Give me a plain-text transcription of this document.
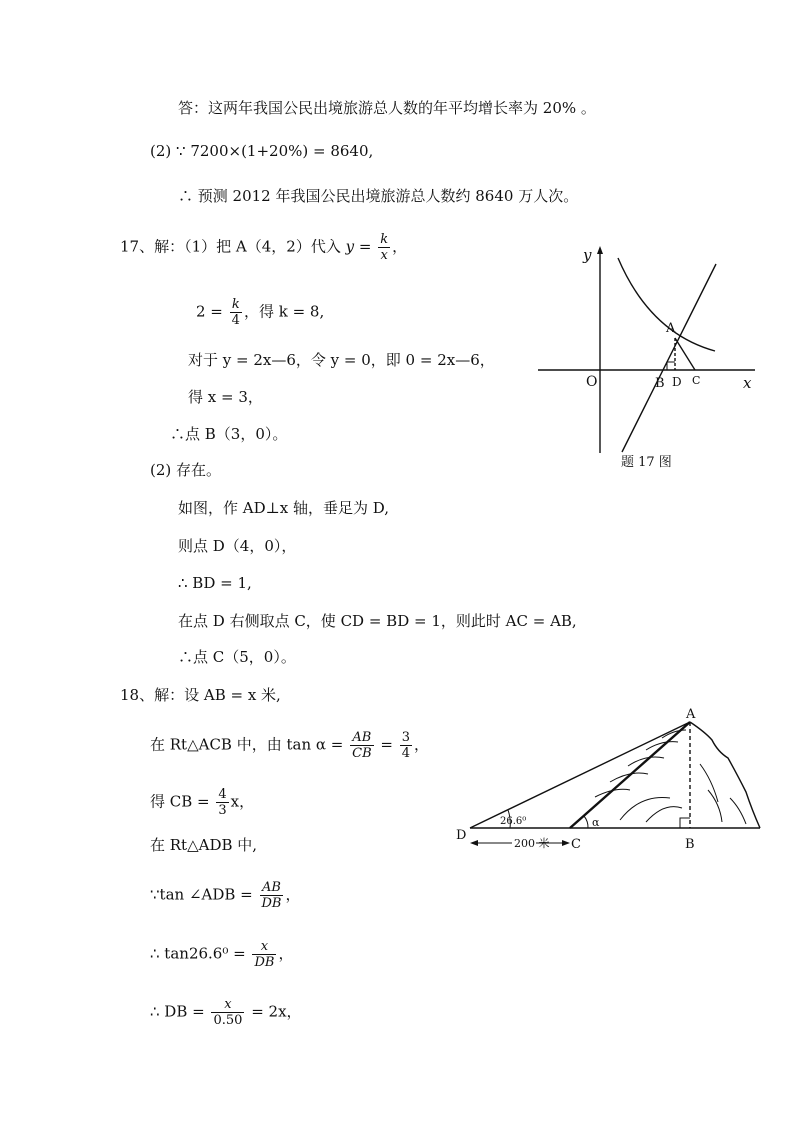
答：这两年我国公民出境旅游总人数的年平均增长率为 20% 。
(2) ∵ 7200×(1+20%) = 8640,
∴ 预测 2012 年我国公民出境旅游总人数约 8640 万人次。
17、解：（1）把 A（4，2）代入 $y = \frac{k}{x}$ ，
$2 = \frac{k}{4}$ ，得 k = 8,
对于 y = 2x—6，令 y = 0，即 0 = 2x—6，
得 x = 3，
∴点 B（3，0）。
(2) 存在。
如图，作 AD⊥x 轴，垂足为 D,
则点 D（4，0），
∴ BD = 1,
在点 D 右侧取点 C，使 CD = BD = 1，则此时 AC = AB,
∴点 C（5，0）。
y
x
O
A
B D C
题 17 图
18、解：设 AB = x 米,
在 Rt△ACB 中，由 $\tan \alpha = \frac{AB}{CB} = \frac{3}{4}$ ，
得 CB = $\frac{4}{3}$ x，
在 Rt△ADB 中,
∵tan ∠ADB = $\frac{AB}{DB}$ ，
∴ $\tan 26.6^0 = \frac{x}{DB}$ ，
∴ DB = $\frac{x}{0.50} = 2x$，
A
B
C
D
26.6⁰	α
200 米
